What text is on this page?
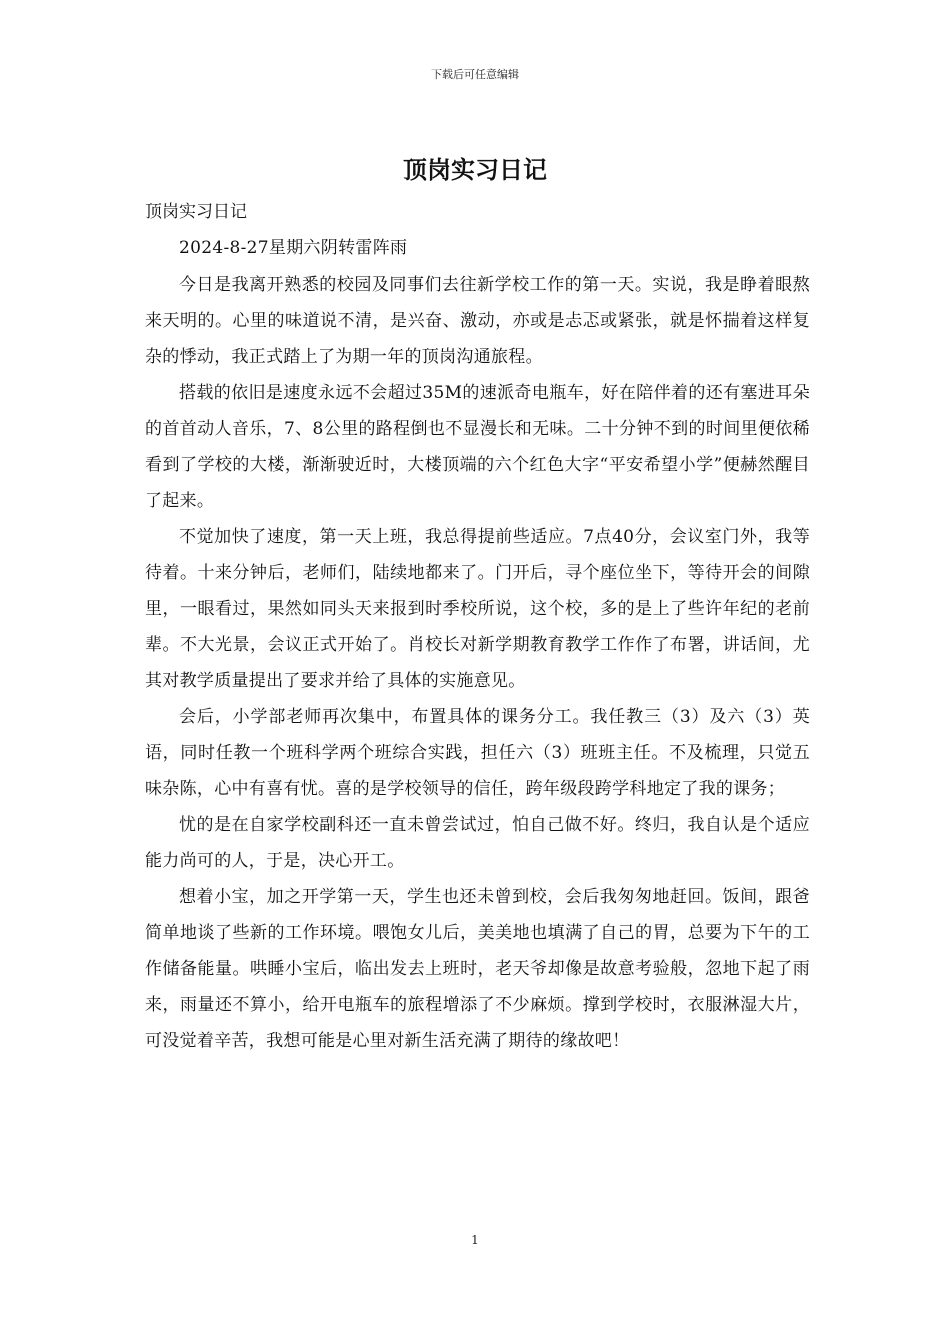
下载后可任意编辑
顶岗实习日记

顶岗实习日记

2024-8-27星期六阴转雷阵雨

今日是我离开熟悉的校园及同事们去往新学校工作的第一天。实说，我是睁着眼熬来天明的。心里的味道说不清，是兴奋、激动，亦或是忐忑或紧张，就是怀揣着这样复杂的悸动，我正式踏上了为期一年的顶岗沟通旅程。

搭载的依旧是速度永远不会超过35M的速派奇电瓶车，好在陪伴着的还有塞进耳朵的首首动人音乐，7、8公里的路程倒也不显漫长和无味。二十分钟不到的时间里便依稀看到了学校的大楼，渐渐驶近时，大楼顶端的六个红色大字“平安希望小学”便赫然醒目了起来。

不觉加快了速度，第一天上班，我总得提前些适应。7点40分，会议室门外，我等待着。十来分钟后，老师们，陆续地都来了。门开后，寻个座位坐下，等待开会的间隙里，一眼看过，果然如同头天来报到时季校所说，这个校，多的是上了些许年纪的老前辈。不大光景，会议正式开始了。肖校长对新学期教育教学工作作了布署，讲话间，尤其对教学质量提出了要求并给了具体的实施意见。

会后，小学部老师再次集中，布置具体的课务分工。我任教三（3）及六（3）英语，同时任教一个班科学两个班综合实践，担任六（3）班班主任。不及梳理，只觉五味杂陈，心中有喜有忧。喜的是学校领导的信任，跨年级段跨学科地定了我的课务；

忧的是在自家学校副科还一直未曾尝试过，怕自己做不好。终归，我自认是个适应能力尚可的人，于是，决心开工。

想着小宝，加之开学第一天，学生也还未曾到校，会后我匆匆地赶回。饭间，跟爸简单地谈了些新的工作环境。喂饱女儿后，美美地也填满了自己的胃，总要为下午的工作储备能量。哄睡小宝后，临出发去上班时，老天爷却像是故意考验般，忽地下起了雨来，雨量还不算小，给开电瓶车的旅程增添了不少麻烦。撑到学校时，衣服淋湿大片，可没觉着辛苦，我想可能是心里对新生活充满了期待的缘故吧！

1
